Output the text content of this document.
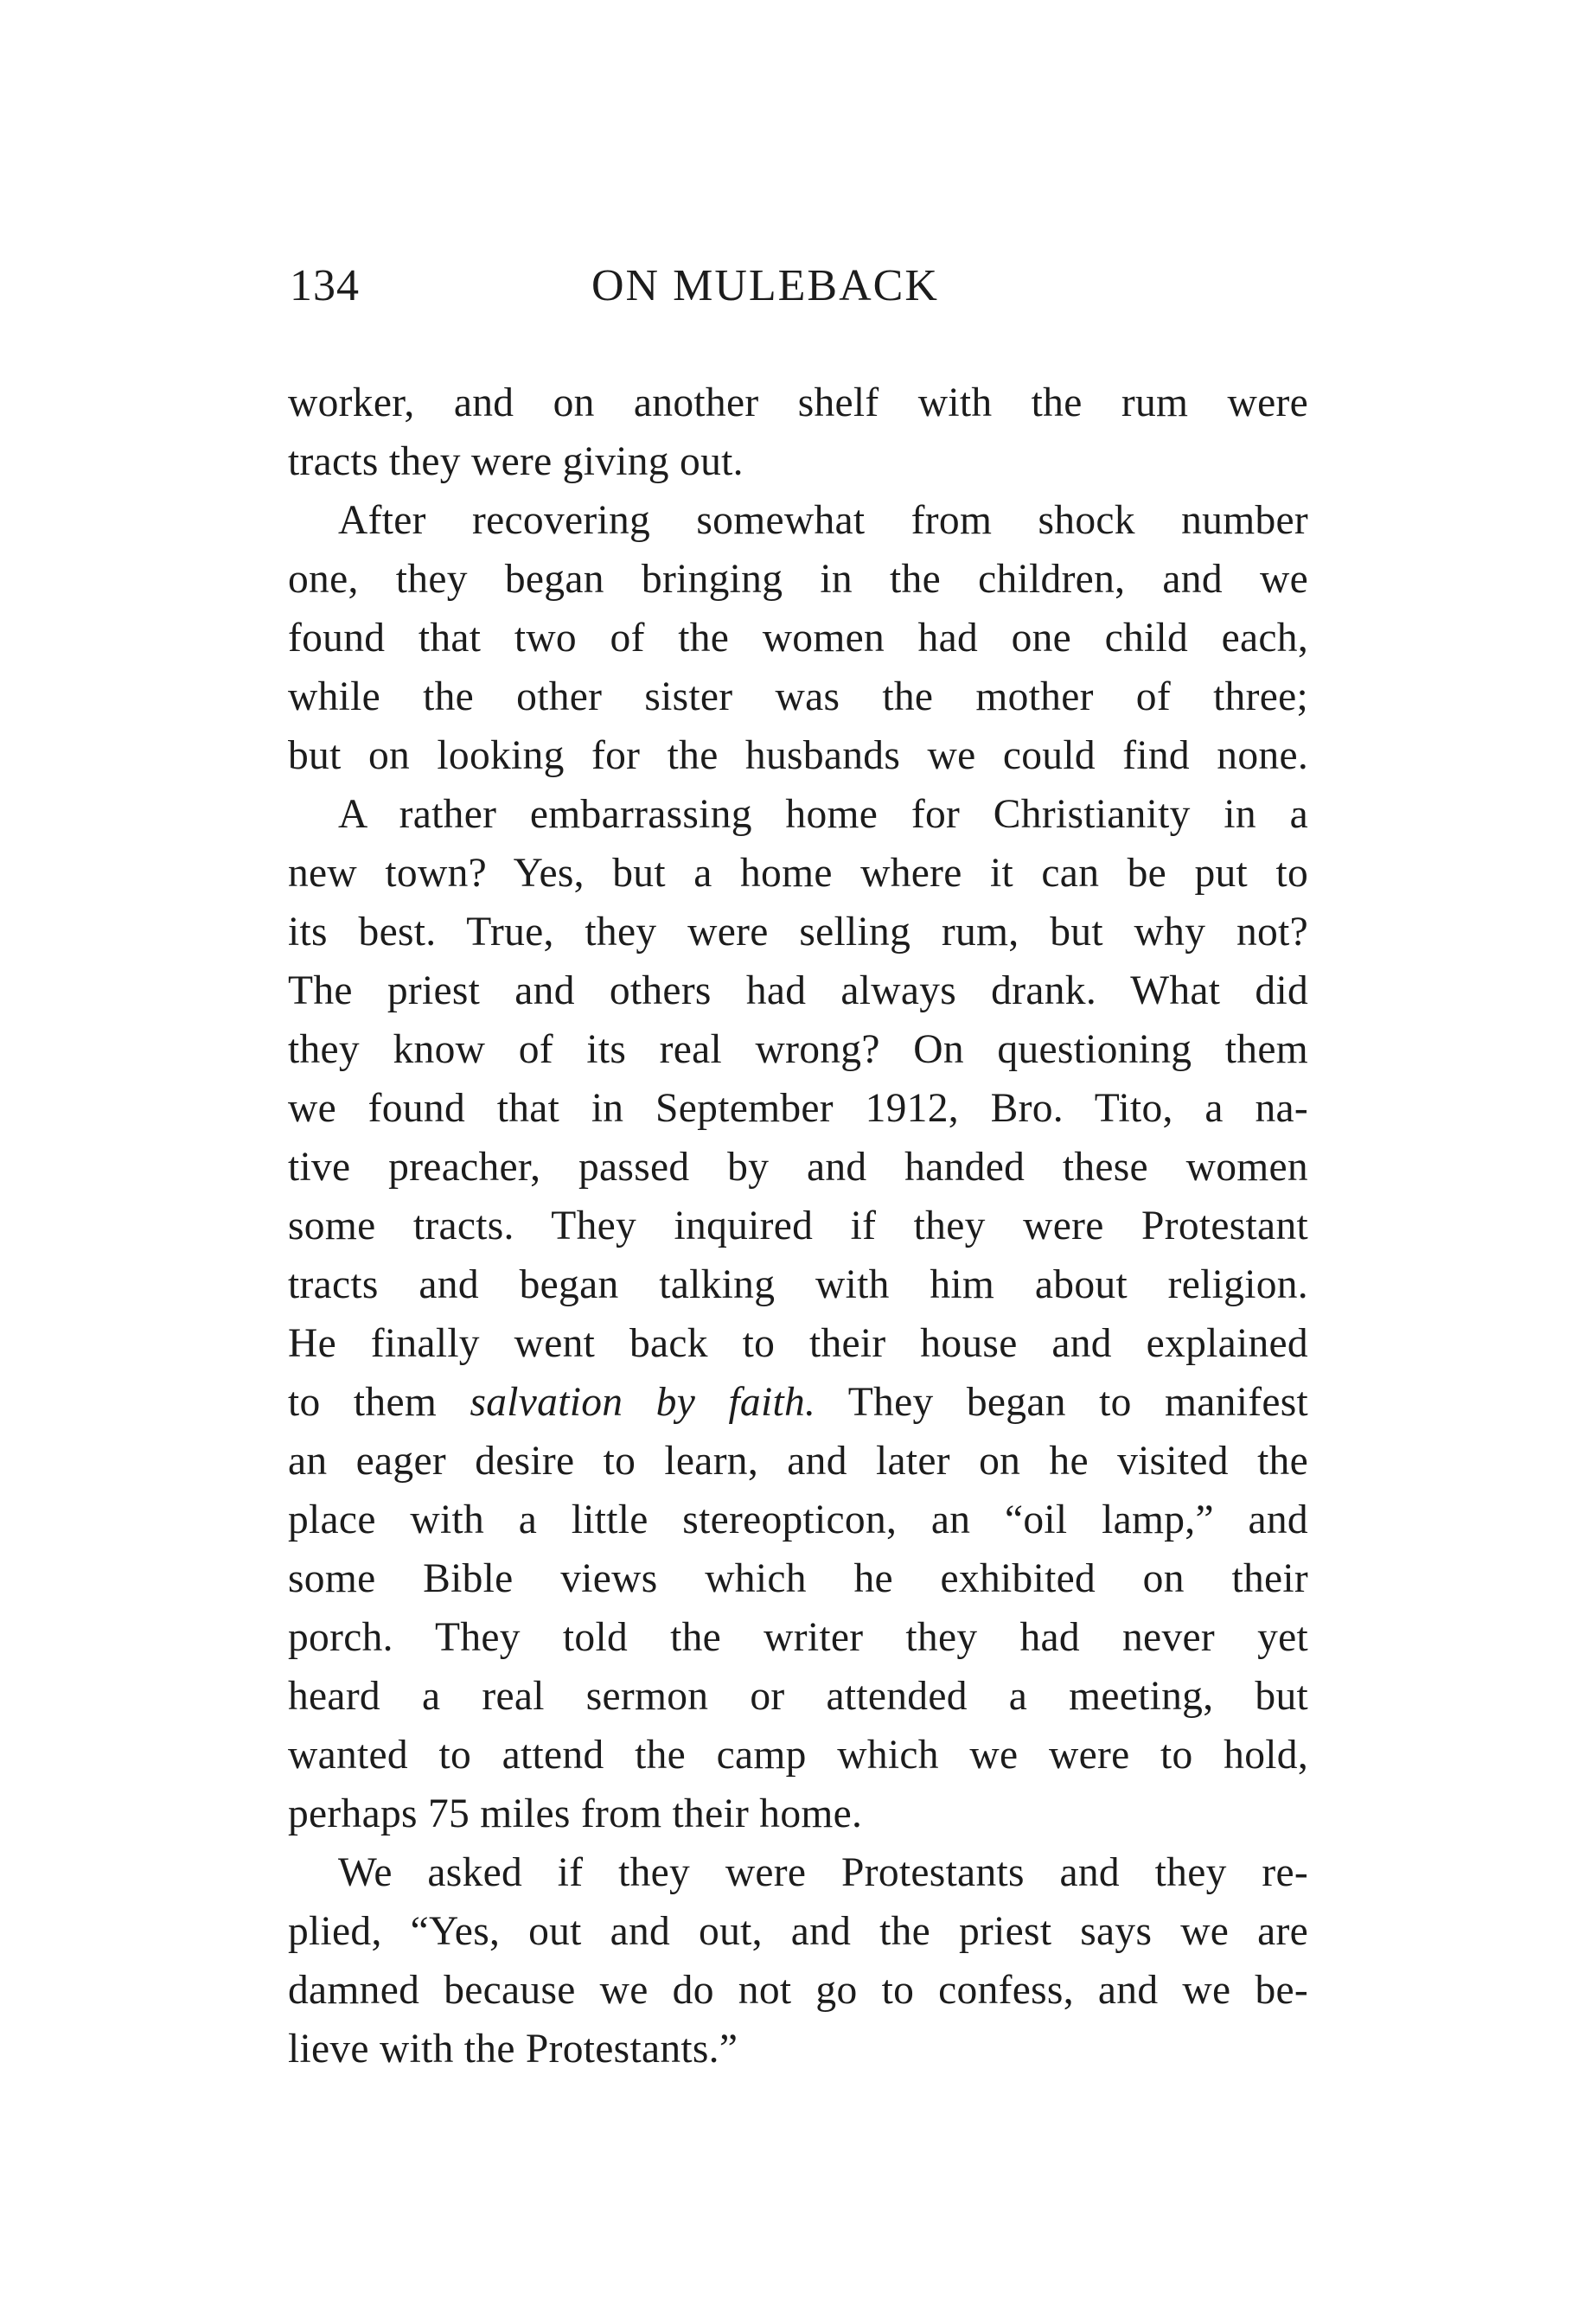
134	ON MULEBACK
worker, and on another shelf with the rum were
tracts they were giving out.
After recovering somewhat from shock number
one, they began bringing in the children, and we
found that two of the women had one child each,
while the other sister was the mother of three;
but on looking for the husbands we could find none.
A rather embarrassing home for Christianity in a
new town? Yes, but a home where it can be put to
its best. True, they were selling rum, but why not?
The priest and others had always drank. What did
they know of its real wrong? On questioning them
we found that in September 1912, Bro. Tito, a na-
tive preacher, passed by and handed these women
some tracts. They inquired if they were Protestant
tracts and began talking with him about religion.
He finally went back to their house and explained
to them salvation by faith. They began to manifest
an eager desire to learn, and later on he visited the
place with a little stereopticon, an “oil lamp,” and
some Bible views which he exhibited on their
porch. They told the writer they had never yet
heard a real sermon or attended a meeting, but
wanted to attend the camp which we were to hold,
perhaps 75 miles from their home.
We asked if they were Protestants and they re-
plied, “Yes, out and out, and the priest says we are
damned because we do not go to confess, and we be-
lieve with the Protestants.”
